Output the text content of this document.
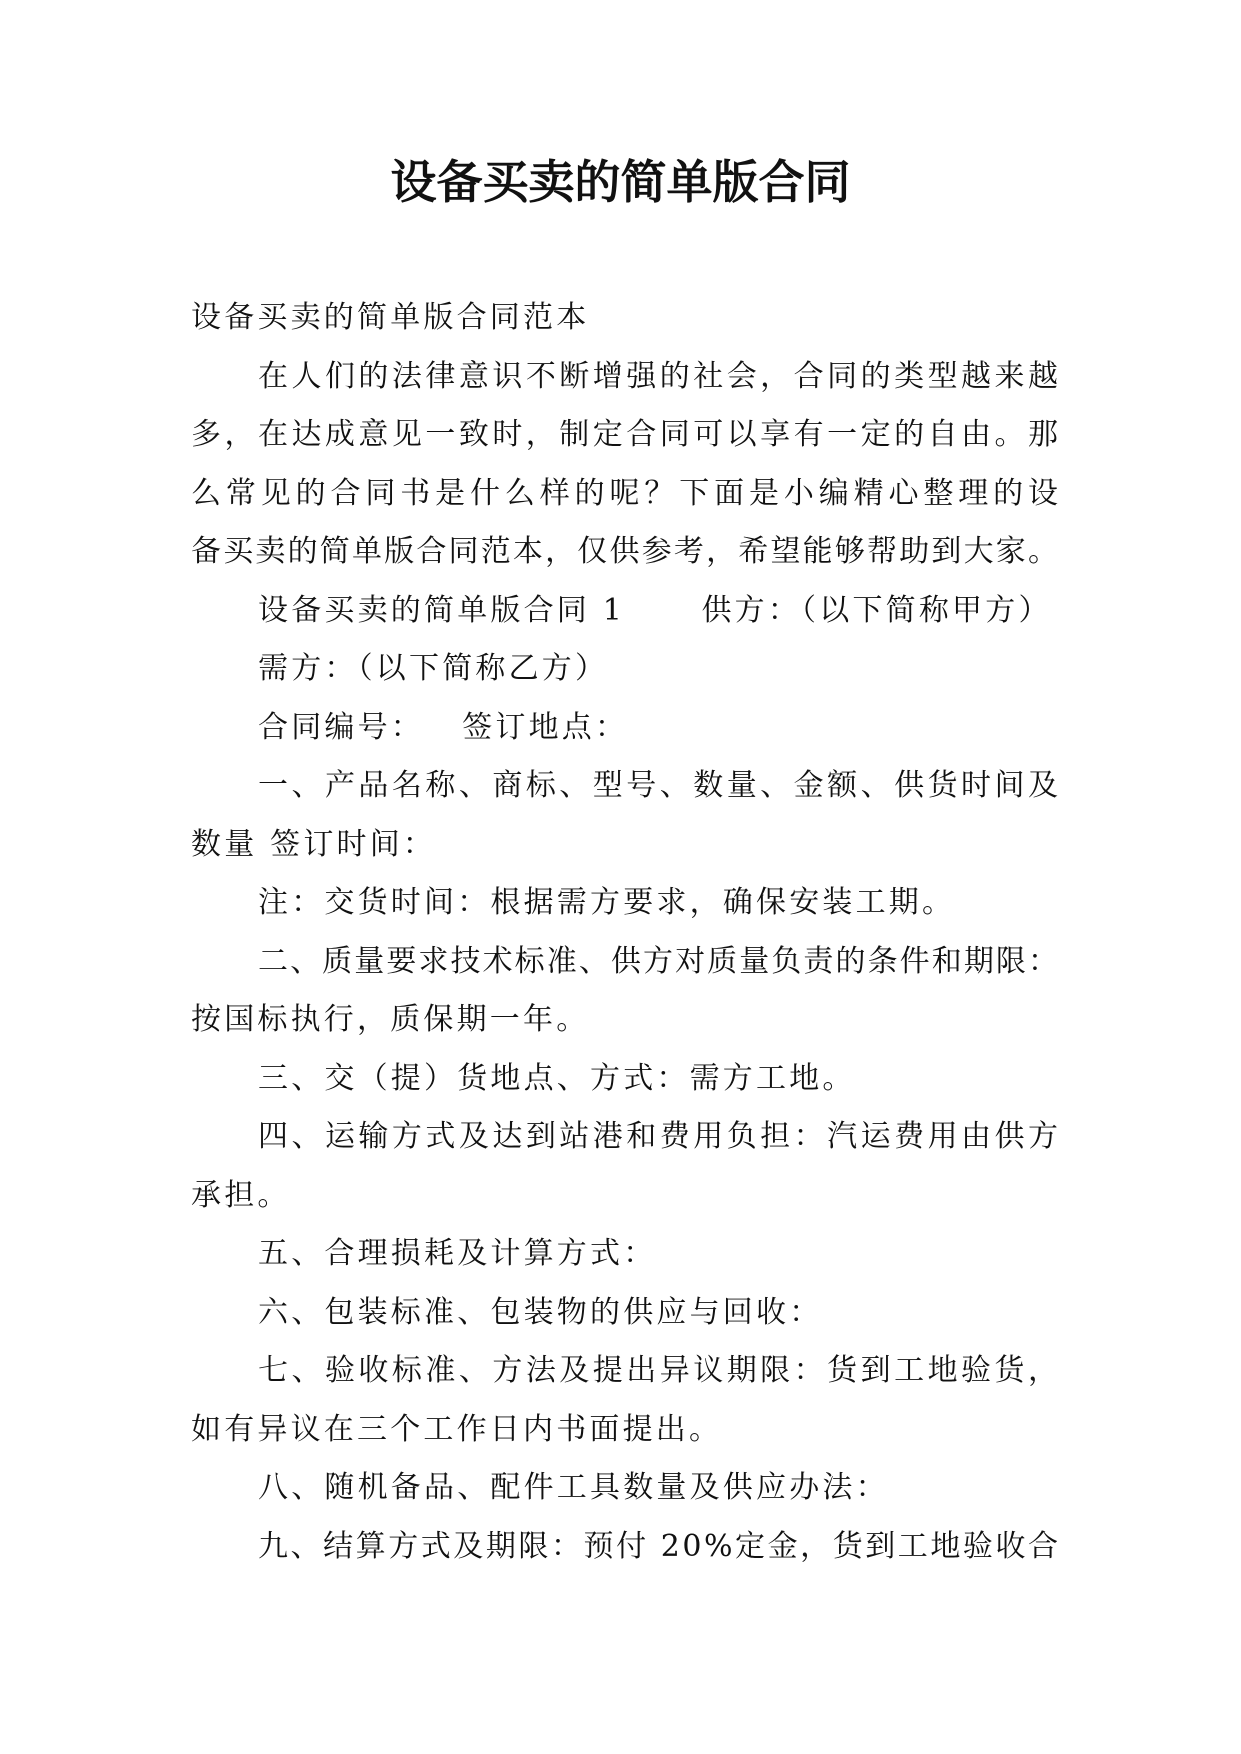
设备买卖的简单版合同
设备买卖的简单版合同范本
在人们的法律意识不断增强的社会，合同的类型越来越
多，在达成意见一致时，制定合同可以享有一定的自由。那
么常见的合同书是什么样的呢？下面是小编精心整理的设
备买卖的简单版合同范本，仅供参考，希望能够帮助到大家。
设备买卖的简单版合同 1      供方：（以下简称甲方）
需方：（以下简称乙方）
合同编号：   签订地点：
一、产品名称、商标、型号、数量、金额、供货时间及
数量 签订时间：
注：交货时间：根据需方要求，确保安装工期。
二、质量要求技术标准、供方对质量负责的条件和期限：
按国标执行，质保期一年。
三、交（提）货地点、方式：需方工地。
四、运输方式及达到站港和费用负担：汽运费用由供方
承担。
五、合理损耗及计算方式：
六、包装标准、包装物的供应与回收：
七、验收标准、方法及提出异议期限：货到工地验货，
如有异议在三个工作日内书面提出。
八、随机备品、配件工具数量及供应办法：
九、结算方式及期限：预付 20%定金，货到工地验收合
